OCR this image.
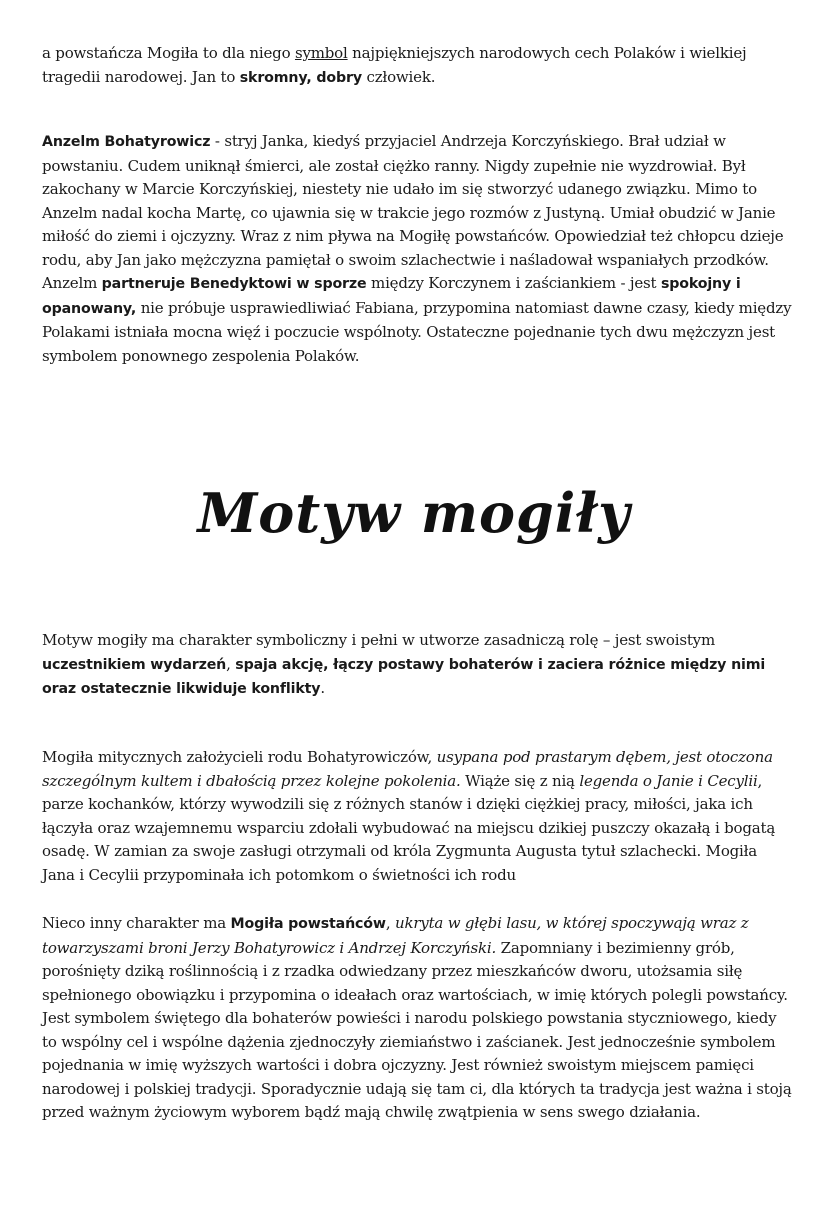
a powstańcza Mogiła to dla niego symbol najpiękniejszych narodowych cech Polaków i wielkiej tragedii narodowej. Jan to skromny, dobry człowiek.

Anzelm Bohatyrowicz - stryj Janka, kiedyś przyjaciel Andrzeja Korczyńskiego. Brał udział w powstaniu. Cudem uniknął śmierci, ale został ciężko ranny. Nigdy zupełnie nie wyzdrowiał. Był zakochany w Marcie Korczyńskiej, niestety nie udało im się stworzyć udanego związku. Mimo to Anzelm nadal kocha Martę, co ujawnia się w trakcie jego rozmów z Justyną. Umiał obudzić w Janie miłość do ziemi i ojczyzny. Wraz z nim pływa na Mogiłę powstańców. Opowiedział też chłopcu dzieje rodu, aby Jan jako mężczyzna pamiętał o swoim szlachectwie i naśladował wspaniałych przodków. Anzelm partneruje Benedyktowi w sporze między Korczynem i zaściankiem - jest spokojny i opanowany, nie próbuje usprawiedliwiać Fabiana, przypomina natomiast dawne czasy, kiedy między Polakami istniała mocna więź i poczucie wspólnoty. Ostateczne pojednanie tych dwu mężczyzn jest symbolem ponownego zespolenia Polaków.

Motyw mogiły

Motyw mogiły ma charakter symboliczny i pełni w utworze zasadniczą rolę – jest swoistym uczestnikiem wydarzeń, spaja akcję, łączy postawy bohaterów i zaciera różnice między nimi oraz ostatecznie likwiduje konflikty.

Mogiła mitycznych założycieli rodu Bohatyrowiczów, usypana pod prastarym dębem, jest otoczona szczególnym kultem i dbałością przez kolejne pokolenia. Wiąże się z nią legenda o Janie i Cecylii, parze kochanków, którzy wywodzili się z różnych stanów i dzięki ciężkiej pracy, miłości, jaka ich łączyła oraz wzajemnemu wsparciu zdołali wybudować na miejscu dzikiej puszczy okazałą i bogatą osadę. W zamian za swoje zasługi otrzymali od króla Zygmunta Augusta tytuł szlachecki. Mogiła Jana i Cecylii przypominała ich potomkom o świetności ich rodu

Nieco inny charakter ma Mogiła powstańców, ukryta w głębi lasu, w której spoczywają wraz z towarzyszami broni Jerzy Bohatyrowicz i Andrzej Korczyński. Zapomniany i bezimienny grób, porośnięty dziką roślinnością i z rzadka odwiedzany przez mieszkańców dworu, utożsamia siłę spełnionego obowiązku i przypomina o ideałach oraz wartościach, w imię których polegli powstańcy. Jest symbolem świętego dla bohaterów powieści i narodu polskiego powstania styczniowego, kiedy to wspólny cel i wspólne dążenia zjednoczyły ziemiaństwo i zaścianek. Jest jednocześnie symbolem pojednania w imię wyższych wartości i dobra ojczyzny. Jest również swoistym miejscem pamięci narodowej i polskiej tradycji. Sporadycznie udają się tam ci, dla których ta tradycja jest ważna i stoją przed ważnym życiowym wyborem bądź mają chwilę zwątpienia w sens swego działania.
